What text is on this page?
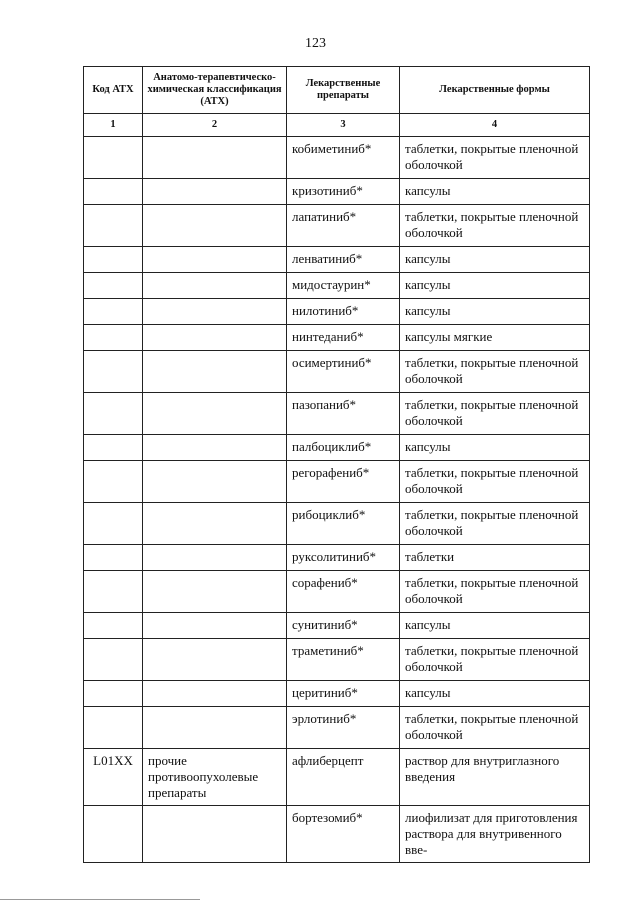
123
Код АТХ	Анатомо-терапевтическо-химическая классификация (АТХ)	Лекарственные препараты	Лекарственные формы
1	2	3	4
		кобиметиниб*	таблетки, покрытые пленочной оболочкой
		кризотиниб*	капсулы
		лапатиниб*	таблетки, покрытые пленочной оболочкой
		ленватиниб*	капсулы
		мидостаурин*	капсулы
		нилотиниб*	капсулы
		нинтеданиб*	капсулы мягкие
		осимертиниб*	таблетки, покрытые пленочной оболочкой
		пазопаниб*	таблетки, покрытые пленочной оболочкой
		палбоциклиб*	капсулы
		регорафениб*	таблетки, покрытые пленочной оболочкой
		рибоциклиб*	таблетки, покрытые пленочной оболочкой
		руксолитиниб*	таблетки
		сорафениб*	таблетки, покрытые пленочной оболочкой
		сунитиниб*	капсулы
		траметиниб*	таблетки, покрытые пленочной оболочкой
		церитиниб*	капсулы
		эрлотиниб*	таблетки, покрытые пленочной оболочкой
L01XX	прочие противоопухолевые препараты	афлиберцепт	раствор для внутриглазного введения
		бортезомиб*	лиофилизат для приготовления раствора для внутривенного вве-
